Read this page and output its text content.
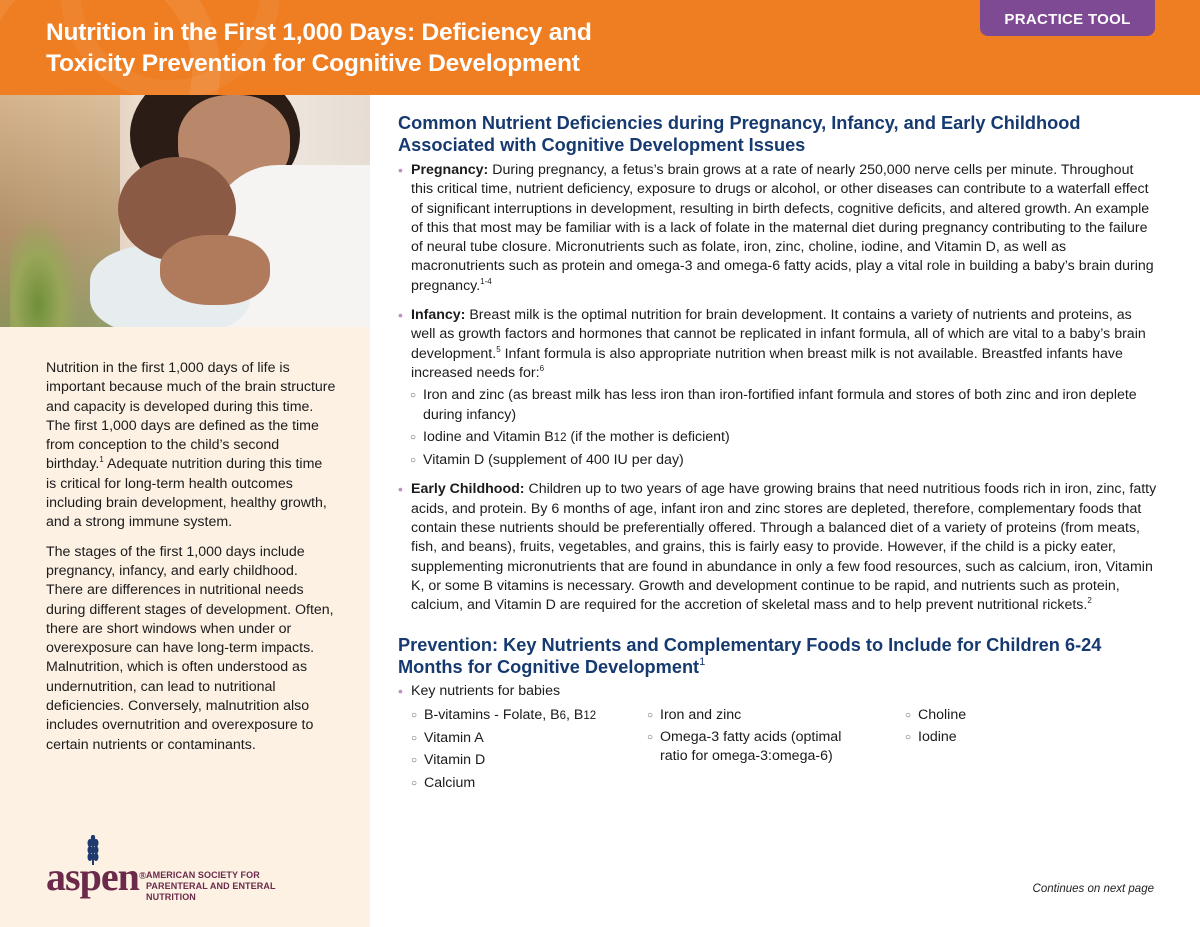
Nutrition in the First 1,000 Days: Deficiency and Toxicity Prevention for Cognitive Development
PRACTICE TOOL

Nutrition in the first 1,000 days of life is important because much of the brain structure and capacity is developed during this time. The first 1,000 days are defined as the time from conception to the child’s second birthday.$^1$ Adequate nutrition during this time is critical for long-term health outcomes including brain development, healthy growth, and a strong immune system.

The stages of the first 1,000 days include pregnancy, infancy, and early childhood. There are differences in nutritional needs during different stages of development. Often, there are short windows when under or overexposure can have long-term impacts. Malnutrition, which is often understood as undernutrition, can lead to nutritional deficiencies. Conversely, malnutrition also includes overnutrition and overexposure to certain nutrients or contaminants.

aspen® AMERICAN SOCIETY FOR
PARENTERAL AND ENTERAL NUTRITION
Common Nutrient Deficiencies during Pregnancy, Infancy, and Early Childhood Associated with Cognitive Development Issues
• Pregnancy: During pregnancy, a fetus’s brain grows at a rate of nearly 250,000 nerve cells per minute. Throughout this critical time, nutrient deficiency, exposure to drugs or alcohol, or other diseases can contribute to a waterfall effect of significant interruptions in development, resulting in birth defects, cognitive deficits, and altered growth. An example of this that most may be familiar with is a lack of folate in the maternal diet during pregnancy contributing to the failure of neural tube closure. Micronutrients such as folate, iron, zinc, choline, iodine, and Vitamin D, as well as macronutrients such as protein and omega-3 and omega-6 fatty acids, play a vital role in building a baby’s brain during pregnancy.$^{1-4}$
• Infancy: Breast milk is the optimal nutrition for brain development. It contains a variety of nutrients and proteins, as well as growth factors and hormones that cannot be replicated in infant formula, all of which are vital to a baby’s brain development.$^5$ Infant formula is also appropriate nutrition when breast milk is not available. Breastfed infants have increased needs for:$^6$
○ Iron and zinc (as breast milk has less iron than iron-fortified infant formula and stores of both zinc and iron deplete during infancy)
○ Iodine and Vitamin B12 (if the mother is deficient)
○ Vitamin D (supplement of 400 IU per day)
• Early Childhood: Children up to two years of age have growing brains that need nutritious foods rich in iron, zinc, fatty acids, and protein. By 6 months of age, infant iron and zinc stores are depleted, therefore, complementary foods that contain these nutrients should be preferentially offered. Through a balanced diet of a variety of proteins (from meats, fish, and beans), fruits, vegetables, and grains, this is fairly easy to provide. However, if the child is a picky eater, supplementing micronutrients that are found in abundance in only a few food resources, such as calcium, iron, Vitamin K, or some B vitamins is necessary. Growth and development continue to be rapid, and nutrients such as protein, calcium, and Vitamin D are required for the accretion of skeletal mass and to help prevent nutritional rickets.$^2$
Prevention: Key Nutrients and Complementary Foods to Include for Children 6-24 Months for Cognitive Development$^1$
• Key nutrients for babies
○ B-vitamins - Folate, B6, B12
○ Vitamin A
○ Vitamin D
○ Calcium
○ Iron and zinc
○ Omega-3 fatty acids (optimal ratio for omega-3:omega-6)
○ Choline
○ Iodine
Continues on next page
